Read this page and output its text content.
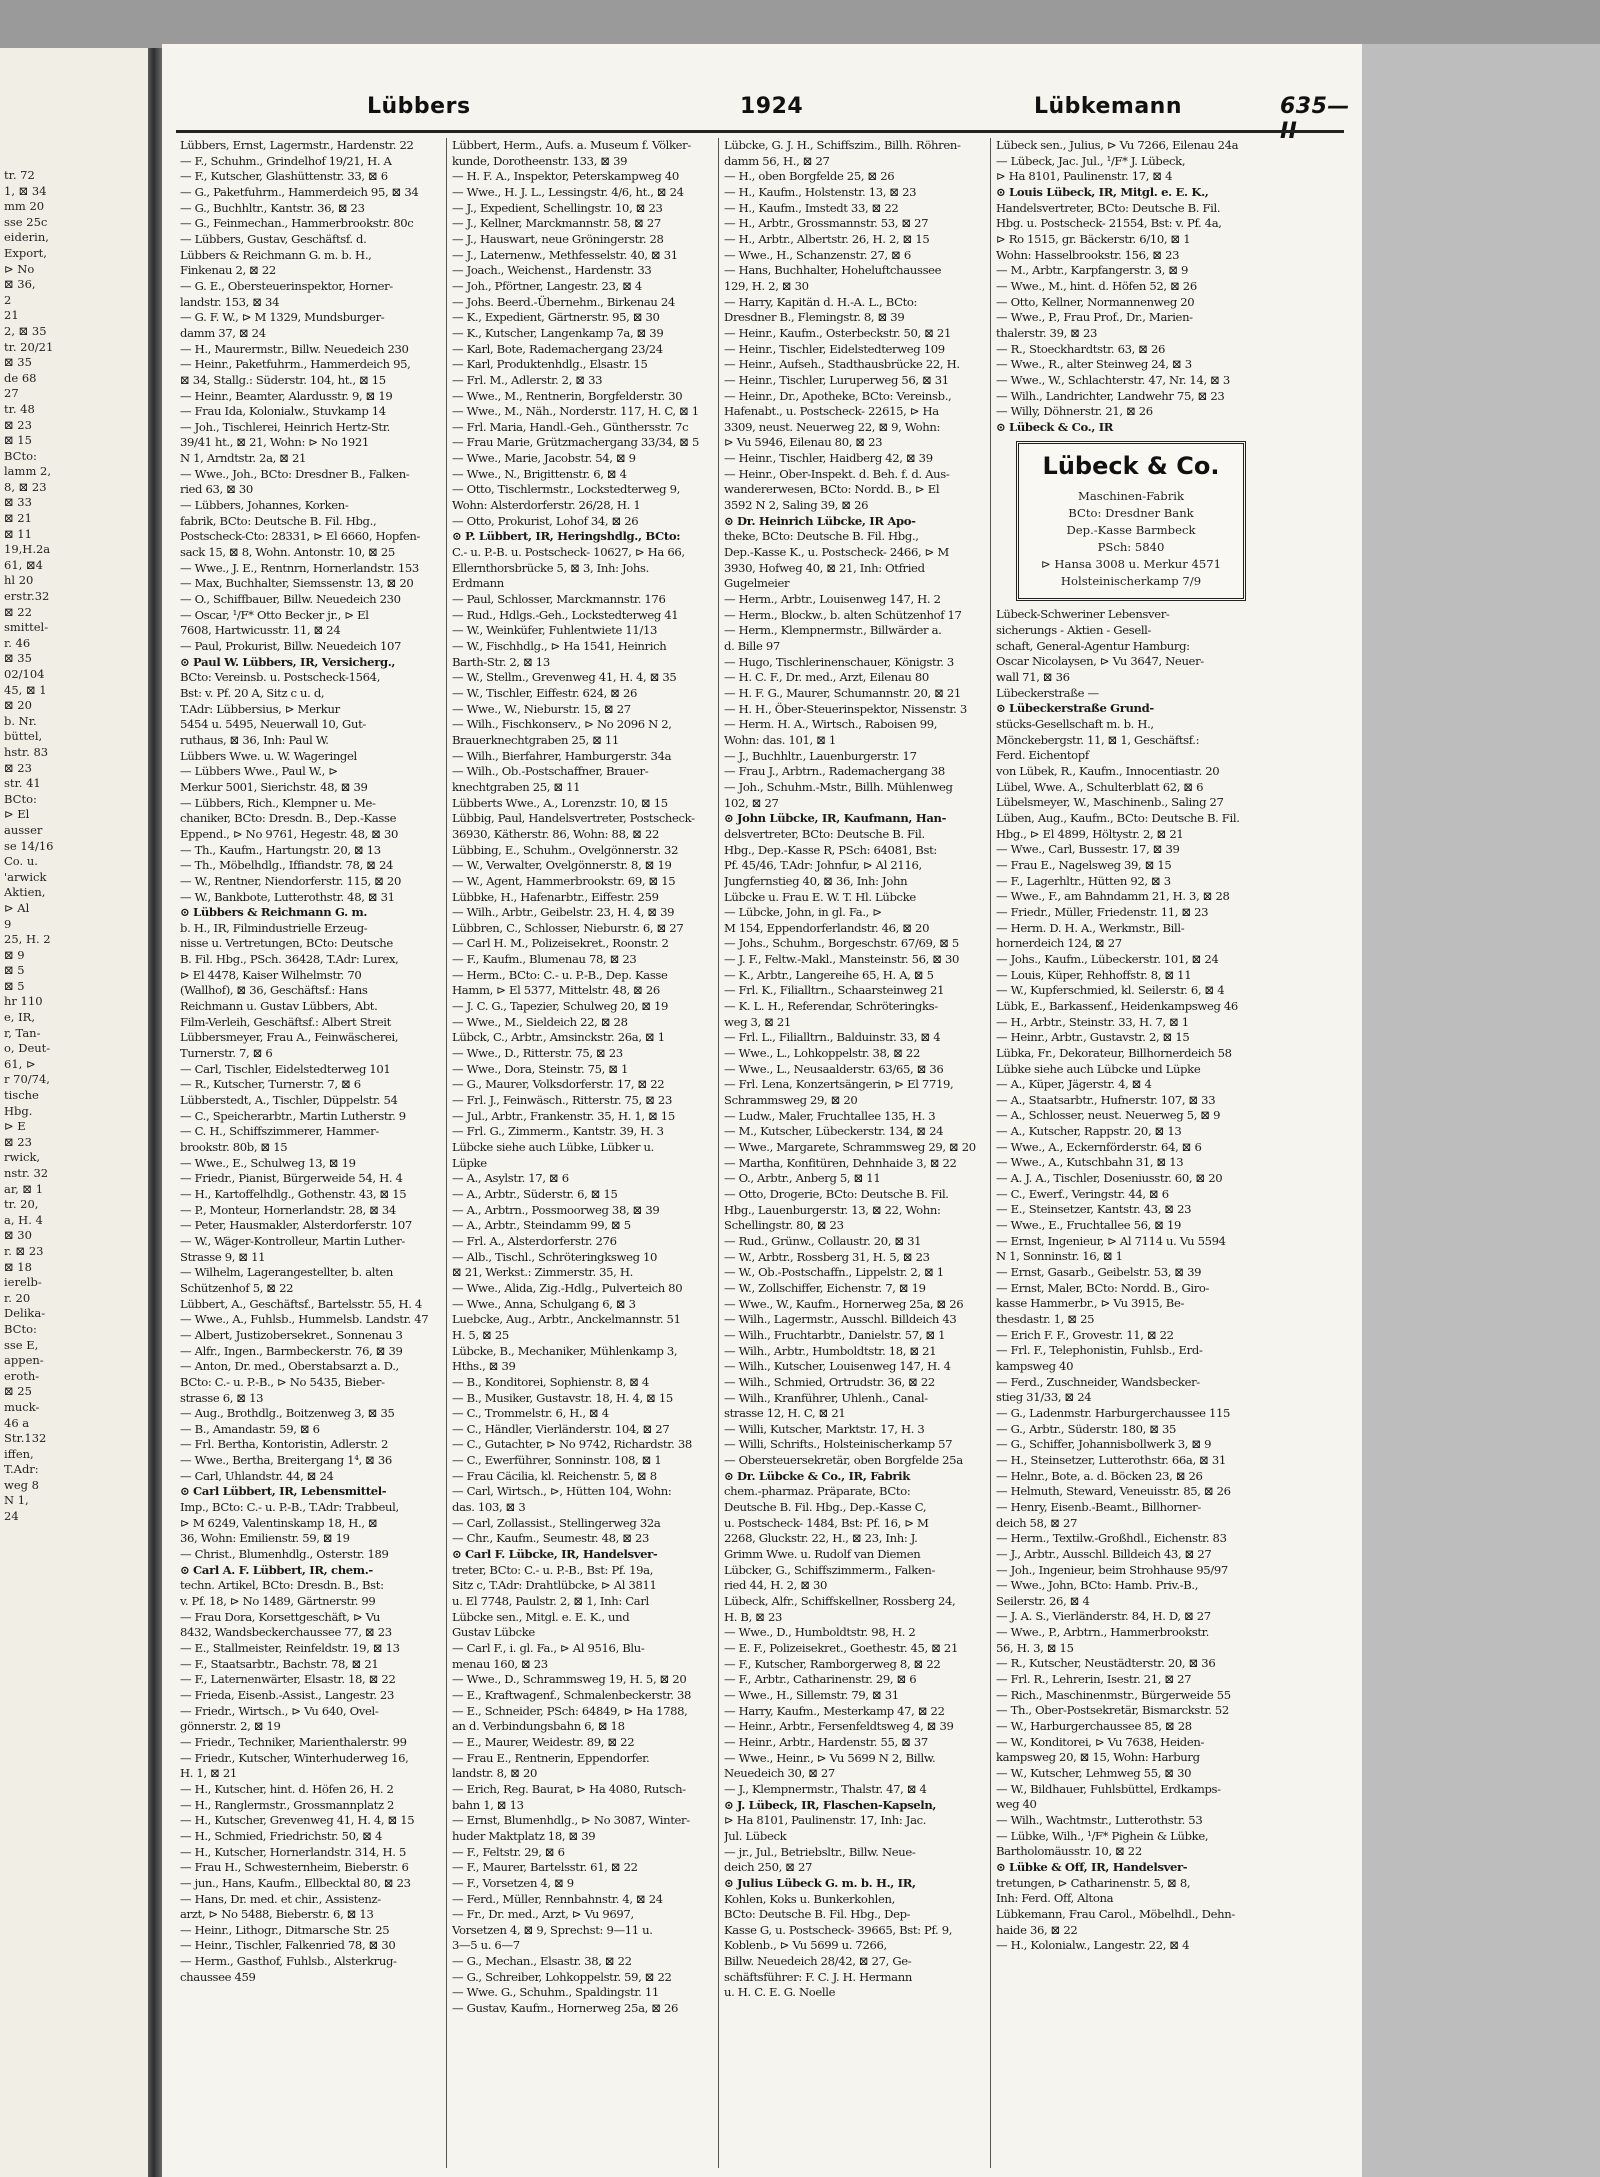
tr. 72
1, ⊠ 34
mm 20
sse 25c
eiderin,
Export,
⊳ No
⊠ 36,
2
21
2, ⊠ 35
tr. 20/21
⊠ 35
de 68
27
tr. 48
⊠ 23
⊠ 15
BCto:
lamm 2,
8, ⊠ 23
⊠ 33
⊠ 21
⊠ 11
19,H.2a
61, ⊠4
hl 20
erstr.32
⊠ 22
smittel-
r. 46
⊠ 35
02/104
45, ⊠ 1
⊠ 20
b. Nr.
büttel,
hstr. 83
⊠ 23
str. 41
BCto:
⊳ El
ausser
se 14/16
Co. u.
'arwick
Aktien,
⊳ Al
9
25, H. 2
⊠ 9
⊠ 5
⊠ 5
hr 110
e, IR,
r, Tan-
o, Deut-
61, ⊳
r 70/74,
tische
Hbg.
⊳ E
⊠ 23
rwick,
nstr. 32
ar, ⊠ 1
tr. 20,
a, H. 4
⊠ 30
r. ⊠ 23
⊠ 18
ierelb-
r. 20
Delika-
BCto:
sse E,
appen-
eroth-
⊠ 25
muck-
46 a
Str.132
iffen,
T.Adr:
weg 8
N 1,
24
Lübbers	1924	Lübkemann	635—II
Lübbers, Ernst, Lagermstr., Hardenstr. 22
— F., Schuhm., Grindelhof 19/21, H. A
— F., Kutscher, Glashüttenstr. 33, ⊠ 6
— G., Paketfuhrm., Hammerdeich 95, ⊠ 34
— G., Buchhltr., Kantstr. 36, ⊠ 23
— G., Feinmechan., Hammerbrookstr. 80c
— Lübbers, Gustav, Geschäftsf. d.
Lübbers & Reichmann G. m. b. H.,
Finkenau 2, ⊠ 22
— G. E., Obersteuerinspektor, Horner-
landstr. 153, ⊠ 34
— G. F. W., ⊳ M 1329, Mundsburger-
damm 37, ⊠ 24
— H., Maurermstr., Billw. Neuedeich 230
— Heinr., Paketfuhrm., Hammerdeich 95,
⊠ 34, Stallg.: Süderstr. 104, ht., ⊠ 15
— Heinr., Beamter, Alardusstr. 9, ⊠ 19
— Frau Ida, Kolonialw., Stuvkamp 14
— Joh., Tischlerei, Heinrich Hertz-Str.
39/41 ht., ⊠ 21, Wohn: ⊳ No 1921
N 1, Arndtstr. 2a, ⊠ 21
— Wwe., Joh., BCto: Dresdner B., Falken-
ried 63, ⊠ 30
— Lübbers, Johannes, Korken-
fabrik, BCto: Deutsche B. Fil. Hbg.,
Postscheck-Cto: 28331, ⊳ El 6660, Hopfen-
sack 15, ⊠ 8, Wohn. Antonstr. 10, ⊠ 25
— Wwe., J. E., Rentnrn, Hornerlandstr. 153
— Max, Buchhalter, Siemssenstr. 13, ⊠ 20
— O., Schiffbauer, Billw. Neuedeich 230
— Oscar, ¹/F* Otto Becker jr., ⊳ El
7608, Hartwicusstr. 11, ⊠ 24
— Paul, Prokurist, Billw. Neuedeich 107
⊙ Paul W. Lübbers, IR, Versicherg.,
BCto: Vereinsb. u. Postscheck-1564,
Bst: v. Pf. 20 A, Sitz c u. d,
T.Adr: Lübbersius, ⊳ Merkur
5454 u. 5495, Neuerwall 10, Gut-
ruthaus, ⊠ 36, Inh: Paul W.
Lübbers Wwe. u. W. Wageringel
— Lübbers Wwe., Paul W., ⊳
Merkur 5001, Sierichstr. 48, ⊠ 39
— Lübbers, Rich., Klempner u. Me-
chaniker, BCto: Dresdn. B., Dep.-Kasse
Eppend., ⊳ No 9761, Hegestr. 48, ⊠ 30
— Th., Kaufm., Hartungstr. 20, ⊠ 13
— Th., Möbelhdlg., Iffiandstr. 78, ⊠ 24
— W., Rentner, Niendorferstr. 115, ⊠ 20
— W., Bankbote, Lutterothstr. 48, ⊠ 31
⊙ Lübbers & Reichmann G. m.
b. H., IR, Filmindustrielle Erzeug-
nisse u. Vertretungen, BCto: Deutsche
B. Fil. Hbg., PSch. 36428, T.Adr: Lurex,
⊳ El 4478, Kaiser Wilhelmstr. 70
(Wallhof), ⊠ 36, Geschäftsf.: Hans
Reichmann u. Gustav Lübbers, Abt.
Film-Verleih, Geschäftsf.: Albert Streit
Lübbersmeyer, Frau A., Feinwäscherei,
Turnerstr. 7, ⊠ 6
— Carl, Tischler, Eidelstedterweg 101
— R., Kutscher, Turnerstr. 7, ⊠ 6
Lübberstedt, A., Tischler, Düppelstr. 54
— C., Speicherarbtr., Martin Lutherstr. 9
— C. H., Schiffszimmerer, Hammer-
brookstr. 80b, ⊠ 15
— Wwe., E., Schulweg 13, ⊠ 19
— Friedr., Pianist, Bürgerweide 54, H. 4
— H., Kartoffelhdlg., Gothenstr. 43, ⊠ 15
— P., Monteur, Hornerlandstr. 28, ⊠ 34
— Peter, Hausmakler, Alsterdorferstr. 107
— W., Wäger-Kontrolleur, Martin Luther-
Strasse 9, ⊠ 11
— Wilhelm, Lagerangestellter, b. alten
Schützenhof 5, ⊠ 22
Lübbert, A., Geschäftsf., Bartelsstr. 55, H. 4
— Wwe., A., Fuhlsb., Hummelsb. Landstr. 47
— Albert, Justizobersekret., Sonnenau 3
— Alfr., Ingen., Barmbeckerstr. 76, ⊠ 39
— Anton, Dr. med., Oberstabsarzt a. D.,
BCto: C.- u. P.-B., ⊳ No 5435, Bieber-
strasse 6, ⊠ 13
— Aug., Brothdlg., Boitzenweg 3, ⊠ 35
— B., Amandastr. 59, ⊠ 6
— Frl. Bertha, Kontoristin, Adlerstr. 2
— Wwe., Bertha, Breitergang 1⁴, ⊠ 36
— Carl, Uhlandstr. 44, ⊠ 24
⊙ Carl Lübbert, IR, Lebensmittel-
Imp., BCto: C.- u. P.-B., T.Adr: Trabbeul,
⊳ M 6249, Valentinskamp 18, H., ⊠
36, Wohn: Emilienstr. 59, ⊠ 19
— Christ., Blumenhdlg., Osterstr. 189
⊙ Carl A. F. Lübbert, IR, chem.-
techn. Artikel, BCto: Dresdn. B., Bst:
v. Pf. 18, ⊳ No 1489, Gärtnerstr. 99
— Frau Dora, Korsettgeschäft, ⊳ Vu
8432, Wandsbeckerchaussee 77, ⊠ 23
— E., Stallmeister, Reinfeldstr. 19, ⊠ 13
— F., Staatsarbtr., Bachstr. 78, ⊠ 21
— F., Laternenwärter, Elsastr. 18, ⊠ 22
— Frieda, Eisenb.-Assist., Langestr. 23
— Friedr., Wirtsch., ⊳ Vu 640, Ovel-
gönnerstr. 2, ⊠ 19
— Friedr., Techniker, Marienthalerstr. 99
— Friedr., Kutscher, Winterhuderweg 16,
H. 1, ⊠ 21
— H., Kutscher, hint. d. Höfen 26, H. 2
— H., Ranglermstr., Grossmannplatz 2
— H., Kutscher, Grevenweg 41, H. 4, ⊠ 15
— H., Schmied, Friedrichstr. 50, ⊠ 4
— H., Kutscher, Hornerlandstr. 314, H. 5
— Frau H., Schwesternheim, Bieberstr. 6
— jun., Hans, Kaufm., Ellbecktal 80, ⊠ 23
— Hans, Dr. med. et chir., Assistenz-
arzt, ⊳ No 5488, Bieberstr. 6, ⊠ 13
— Heinr., Lithogr., Ditmarsche Str. 25
— Heinr., Tischler, Falkenried 78, ⊠ 30
— Herm., Gasthof, Fuhlsb., Alsterkrug-
chaussee 459
Lübbert, Herm., Aufs. a. Museum f. Völker-
kunde, Dorotheenstr. 133, ⊠ 39
— H. F. A., Inspektor, Peterskampweg 40
— Wwe., H. J. L., Lessingstr. 4/6, ht., ⊠ 24
— J., Expedient, Schellingstr. 10, ⊠ 23
— J., Kellner, Marckmannstr. 58, ⊠ 27
— J., Hauswart, neue Gröningerstr. 28
— J., Laternenw., Methfesselstr. 40, ⊠ 31
— Joach., Weichenst., Hardenstr. 33
— Joh., Pförtner, Langestr. 23, ⊠ 4
— Johs. Beerd.-Übernehm., Birkenau 24
— K., Expedient, Gärtnerstr. 95, ⊠ 30
— K., Kutscher, Langenkamp 7a, ⊠ 39
— Karl, Bote, Rademachergang 23/24
— Karl, Produktenhdlg., Elsastr. 15
— Frl. M., Adlerstr. 2, ⊠ 33
— Wwe., M., Rentnerin, Borgfelderstr. 30
— Wwe., M., Näh., Norderstr. 117, H. C, ⊠ 1
— Frl. Maria, Handl.-Geh., Günthersstr. 7c
— Frau Marie, Grützmachergang 33/34, ⊠ 5
— Wwe., Marie, Jacobstr. 54, ⊠ 9
— Wwe., N., Brigittenstr. 6, ⊠ 4
— Otto, Tischlermstr., Lockstedterweg 9,
Wohn: Alsterdorferstr. 26/28, H. 1
— Otto, Prokurist, Lohof 34, ⊠ 26
⊙ P. Lübbert, IR, Heringshdlg., BCto:
C.- u. P.-B. u. Postscheck- 10627, ⊳ Ha 66,
Ellernthorsbrücke 5, ⊠ 3, Inh: Johs.
Erdmann
— Paul, Schlosser, Marckmannstr. 176
— Rud., Hdlgs.-Geh., Lockstedterweg 41
— W., Weinküfer, Fuhlentwiete 11/13
— W., Fischhdlg., ⊳ Ha 1541, Heinrich
Barth-Str. 2, ⊠ 13
— W., Stellm., Grevenweg 41, H. 4, ⊠ 35
— W., Tischler, Eiffestr. 624, ⊠ 26
— Wwe., W., Nieburstr. 15, ⊠ 27
— Wilh., Fischkonserv., ⊳ No 2096 N 2,
Brauerknechtgraben 25, ⊠ 11
— Wilh., Bierfahrer, Hamburgerstr. 34a
— Wilh., Ob.-Postschaffner, Brauer-
knechtgraben 25, ⊠ 11
Lübberts Wwe., A., Lorenzstr. 10, ⊠ 15
Lübbig, Paul, Handelsvertreter, Postscheck-
36930, Kätherstr. 86, Wohn: 88, ⊠ 22
Lübbing, E., Schuhm., Ovelgönnerstr. 32
— W., Verwalter, Ovelgönnerstr. 8, ⊠ 19
— W., Agent, Hammerbrookstr. 69, ⊠ 15
Lübbke, H., Hafenarbtr., Eiffestr. 259
— Wilh., Arbtr., Geibelstr. 23, H. 4, ⊠ 39
Lübbren, C., Schlosser, Nieburstr. 6, ⊠ 27
— Carl H. M., Polizeisekret., Roonstr. 2
— F., Kaufm., Blumenau 78, ⊠ 23
— Herm., BCto: C.- u. P.-B., Dep. Kasse
Hamm, ⊳ El 5377, Mittelstr. 48, ⊠ 26
— J. C. G., Tapezier, Schulweg 20, ⊠ 19
— Wwe., M., Sieldeich 22, ⊠ 28
Lübck, C., Arbtr., Amsinckstr. 26a, ⊠ 1
— Wwe., D., Ritterstr. 75, ⊠ 23
— Wwe., Dora, Steinstr. 75, ⊠ 1
— G., Maurer, Volksdorferstr. 17, ⊠ 22
— Frl. J., Feinwäsch., Ritterstr. 75, ⊠ 23
— Jul., Arbtr., Frankenstr. 35, H. 1, ⊠ 15
— Frl. G., Zimmerm., Kantstr. 39, H. 3
Lübcke siehe auch Lübke, Lübker u.
Lüpke
— A., Asylstr. 17, ⊠ 6
— A., Arbtr., Süderstr. 6, ⊠ 15
— A., Arbtrn., Possmoorweg 38, ⊠ 39
— A., Arbtr., Steindamm 99, ⊠ 5
— Frl. A., Alsterdorferstr. 276
— Alb., Tischl., Schröteringksweg 10
⊠ 21, Werkst.: Zimmerstr. 35, H.
— Wwe., Alida, Zig.-Hdlg., Pulverteich 80
— Wwe., Anna, Schulgang 6, ⊠ 3
Luebcke, Aug., Arbtr., Anckelmannstr. 51
H. 5, ⊠ 25
Lübcke, B., Mechaniker, Mühlenkamp 3,
Hths., ⊠ 39
— B., Konditorei, Sophienstr. 8, ⊠ 4
— B., Musiker, Gustavstr. 18, H. 4, ⊠ 15
— C., Trommelstr. 6, H., ⊠ 4
— C., Händler, Vierländerstr. 104, ⊠ 27
— C., Gutachter, ⊳ No 9742, Richardstr. 38
— C., Ewerführer, Sonninstr. 108, ⊠ 1
— Frau Cäcilia, kl. Reichenstr. 5, ⊠ 8
— Carl, Wirtsch., ⊳, Hütten 104, Wohn:
das. 103, ⊠ 3
— Carl, Zollassist., Stellingerweg 32a
— Chr., Kaufm., Seumestr. 48, ⊠ 23
⊙ Carl F. Lübcke, IR, Handelsver-
treter, BCto: C.- u. P.-B., Bst: Pf. 19a,
Sitz c, T.Adr: Drahtlübcke, ⊳ Al 3811
u. El 7748, Paulstr. 2, ⊠ 1, Inh: Carl
Lübcke sen., Mitgl. e. E. K., und
Gustav Lübcke
— Carl F., i. gl. Fa., ⊳ Al 9516, Blu-
menau 160, ⊠ 23
— Wwe., D., Schrammsweg 19, H. 5, ⊠ 20
— E., Kraftwagenf., Schmalenbeckerstr. 38
— E., Schneider, PSch: 64849, ⊳ Ha 1788,
an d. Verbindungsbahn 6, ⊠ 18
— E., Maurer, Weidestr. 89, ⊠ 22
— Frau E., Rentnerin, Eppendorfer.
landstr. 8, ⊠ 20
— Erich, Reg. Baurat, ⊳ Ha 4080, Rutsch-
bahn 1, ⊠ 13
— Ernst, Blumenhdlg., ⊳ No 3087, Winter-
huder Maktplatz 18, ⊠ 39
— F., Feltstr. 29, ⊠ 6
— F., Maurer, Bartelsstr. 61, ⊠ 22
— F., Vorsetzen 4, ⊠ 9
— Ferd., Müller, Rennbahnstr. 4, ⊠ 24
— Fr., Dr. med., Arzt, ⊳ Vu 9697,
Vorsetzen 4, ⊠ 9, Sprechst: 9—11 u.
3—5 u. 6—7
— G., Mechan., Elsastr. 38, ⊠ 22
— G., Schreiber, Lohkoppelstr. 59, ⊠ 22
— Wwe. G., Schuhm., Spaldingstr. 11
— Gustav, Kaufm., Hornerweg 25a, ⊠ 26
Lübcke, G. J. H., Schiffszim., Billh. Röhren-
damm 56, H., ⊠ 27
— H., oben Borgfelde 25, ⊠ 26
— H., Kaufm., Holstenstr. 13, ⊠ 23
— H., Kaufm., Imstedt 33, ⊠ 22
— H., Arbtr., Grossmannstr. 53, ⊠ 27
— H., Arbtr., Albertstr. 26, H. 2, ⊠ 15
— Wwe., H., Schanzenstr. 27, ⊠ 6
— Hans, Buchhalter, Hoheluftchaussee
129, H. 2, ⊠ 30
— Harry, Kapitän d. H.-A. L., BCto:
Dresdner B., Flemingstr. 8, ⊠ 39
— Heinr., Kaufm., Osterbeckstr. 50, ⊠ 21
— Heinr., Tischler, Eidelstedterweg 109
— Heinr., Aufseh., Stadthausbrücke 22, H.
— Heinr., Tischler, Luruperweg 56, ⊠ 31
— Heinr., Dr., Apotheke, BCto: Vereinsb.,
Hafenabt., u. Postscheck- 22615, ⊳ Ha
3309, neust. Neuerweg 22, ⊠ 9, Wohn:
⊳ Vu 5946, Eilenau 80, ⊠ 23
— Heinr., Tischler, Haidberg 42, ⊠ 39
— Heinr., Ober-Inspekt. d. Beh. f. d. Aus-
wandererwesen, BCto: Nordd. B., ⊳ El
3592 N 2, Saling 39, ⊠ 26
⊙ Dr. Heinrich Lübcke, IR Apo-
theke, BCto: Deutsche B. Fil. Hbg.,
Dep.-Kasse K., u. Postscheck- 2466, ⊳ M
3930, Hofweg 40, ⊠ 21, Inh: Otfried
Gugelmeier
— Herm., Arbtr., Louisenweg 147, H. 2
— Herm., Blockw., b. alten Schützenhof 17
— Herm., Klempnermstr., Billwärder a.
d. Bille 97
— Hugo, Tischlerinenschauer, Königstr. 3
— H. C. F., Dr. med., Arzt, Eilenau 80
— H. F. G., Maurer, Schumannstr. 20, ⊠ 21
— H. H., Öber-Steuerinspektor, Nissenstr. 3
— Herm. H. A., Wirtsch., Raboisen 99,
Wohn: das. 101, ⊠ 1
— J., Buchhltr., Lauenburgerstr. 17
— Frau J., Arbtrn., Rademachergang 38
— Joh., Schuhm.-Mstr., Billh. Mühlenweg
102, ⊠ 27
⊙ John Lübcke, IR, Kaufmann, Han-
delsvertreter, BCto: Deutsche B. Fil.
Hbg., Dep.-Kasse R, PSch: 64081, Bst:
Pf. 45/46, T.Adr: Johnfur, ⊳ Al 2116,
Jungfernstieg 40, ⊠ 36, Inh: John
Lübcke u. Frau E. W. T. Hl. Lübcke
— Lübcke, John, in gl. Fa., ⊳
M 154, Eppendorferlandstr. 46, ⊠ 20
— Johs., Schuhm., Borgeschstr. 67/69, ⊠ 5
— J. F., Feltw.-Makl., Mansteinstr. 56, ⊠ 30
— K., Arbtr., Langereihe 65, H. A, ⊠ 5
— Frl. K., Filialltrn., Schaarsteinweg 21
— K. L. H., Referendar, Schröteringks-
weg 3, ⊠ 21
— Frl. L., Filialltrn., Balduinstr. 33, ⊠ 4
— Wwe., L., Lohkoppelstr. 38, ⊠ 22
— Wwe., L., Neusaalderstr. 63/65, ⊠ 36
— Frl. Lena, Konzertsängerin, ⊳ El 7719,
Schrammsweg 29, ⊠ 20
— Ludw., Maler, Fruchtallee 135, H. 3
— M., Kutscher, Lübeckerstr. 134, ⊠ 24
— Wwe., Margarete, Schrammsweg 29, ⊠ 20
— Martha, Konfitüren, Dehnhaide 3, ⊠ 22
— O., Arbtr., Anberg 5, ⊠ 11
— Otto, Drogerie, BCto: Deutsche B. Fil.
Hbg., Lauenburgerstr. 13, ⊠ 22, Wohn:
Schellingstr. 80, ⊠ 23
— Rud., Grünw., Collaustr. 20, ⊠ 31
— W., Arbtr., Rossberg 31, H. 5, ⊠ 23
— W., Ob.-Postschaffn., Lippelstr. 2, ⊠ 1
— W., Zollschiffer, Eichenstr. 7, ⊠ 19
— Wwe., W., Kaufm., Hornerweg 25a, ⊠ 26
— Wilh., Lagermstr., Ausschl. Billdeich 43
— Wilh., Fruchtarbtr., Danielstr. 57, ⊠ 1
— Wilh., Arbtr., Humboldtstr. 18, ⊠ 21
— Wilh., Kutscher, Louisenweg 147, H. 4
— Wilh., Schmied, Ortrudstr. 36, ⊠ 22
— Wilh., Kranführer, Uhlenh., Canal-
strasse 12, H. C, ⊠ 21
— Willi, Kutscher, Marktstr. 17, H. 3
— Willi, Schrifts., Holsteinischerkamp 57
— Obersteuersekretär, oben Borgfelde 25a
⊙ Dr. Lübcke & Co., IR, Fabrik
chem.-pharmaz. Präparate, BCto:
Deutsche B. Fil. Hbg., Dep.-Kasse C,
u. Postscheck- 1484, Bst: Pf. 16, ⊳ M
2268, Gluckstr. 22, H., ⊠ 23, Inh: J.
Grimm Wwe. u. Rudolf van Diemen
Lübcker, G., Schiffszimmerm., Falken-
ried 44, H. 2, ⊠ 30
Lübeck, Alfr., Schiffskellner, Rossberg 24,
H. B, ⊠ 23
— Wwe., D., Humboldtstr. 98, H. 2
— E. F., Polizeisekret., Goethestr. 45, ⊠ 21
— F., Kutscher, Ramborgerweg 8, ⊠ 22
— F., Arbtr., Catharinenstr. 29, ⊠ 6
— Wwe., H., Sillemstr. 79, ⊠ 31
— Harry, Kaufm., Mesterkamp 47, ⊠ 22
— Heinr., Arbtr., Fersenfeldtsweg 4, ⊠ 39
— Heinr., Arbtr., Hardenstr. 55, ⊠ 37
— Wwe., Heinr., ⊳ Vu 5699 N 2, Billw.
Neuedeich 30, ⊠ 27
— J., Klempnermstr., Thalstr. 47, ⊠ 4
⊙ J. Lübeck, IR, Flaschen-Kapseln,
⊳ Ha 8101, Paulinenstr. 17, Inh: Jac.
Jul. Lübeck
— jr., Jul., Betriebsltr., Billw. Neue-
deich 250, ⊠ 27
⊙ Julius Lübeck G. m. b. H., IR,
Kohlen, Koks u. Bunkerkohlen,
BCto: Deutsche B. Fil. Hbg., Dep-
Kasse G, u. Postscheck- 39665, Bst: Pf. 9,
Koblenb., ⊳ Vu 5699 u. 7266,
Billw. Neuedeich 28/42, ⊠ 27, Ge-
schäftsführer: F. C. J. H. Hermann
u. H. C. E. G. Noelle
Lübeck sen., Julius, ⊳ Vu 7266, Eilenau 24a
— Lübeck, Jac. Jul., ¹/F* J. Lübeck,
⊳ Ha 8101, Paulinenstr. 17, ⊠ 4
⊙ Louis Lübeck, IR, Mitgl. e. E. K.,
Handelsvertreter, BCto: Deutsche B. Fil.
Hbg. u. Postscheck- 21554, Bst: v. Pf. 4a,
⊳ Ro 1515, gr. Bäckerstr. 6/10, ⊠ 1
Wohn: Hasselbrookstr. 156, ⊠ 23
— M., Arbtr., Karpfangerstr. 3, ⊠ 9
— Wwe., M., hint. d. Höfen 52, ⊠ 26
— Otto, Kellner, Normannenweg 20
— Wwe., P., Frau Prof., Dr., Marien-
thalerstr. 39, ⊠ 23
— R., Stoeckhardtstr. 63, ⊠ 26
— Wwe., R., alter Steinweg 24, ⊠ 3
— Wwe., W., Schlachterstr. 47, Nr. 14, ⊠ 3
— Wilh., Landrichter, Landwehr 75, ⊠ 23
— Willy, Döhnerstr. 21, ⊠ 26
⊙ Lübeck & Co., IR
Lübeck & Co.
Maschinen-Fabrik
BCto: Dresdner Bank
Dep.-Kasse Barmbeck
PSch: 5840
⊳ Hansa 3008 u. Merkur 4571
Holsteinischerkamp 7/9
Lübeck-Schweriner Lebensver-
sicherungs - Aktien - Gesell-
schaft, General-Agentur Hamburg:
Oscar Nicolaysen, ⊳ Vu 3647, Neuer-
wall 71, ⊠ 36
Lübeckerstraße —
⊙ Lübeckerstraße Grund-
stücks-Gesellschaft m. b. H.,
Mönckebergstr. 11, ⊠ 1, Geschäftsf.:
Ferd. Eichentopf
von Lübek, R., Kaufm., Innocentiastr. 20
Lübel, Wwe. A., Schulterblatt 62, ⊠ 6
Lübelsmeyer, W., Maschinenb., Saling 27
Lüben, Aug., Kaufm., BCto: Deutsche B. Fil.
Hbg., ⊳ El 4899, Höltystr. 2, ⊠ 21
— Wwe., Carl, Bussestr. 17, ⊠ 39
— Frau E., Nagelsweg 39, ⊠ 15
— F., Lagerhltr., Hütten 92, ⊠ 3
— Wwe., F., am Bahndamm 21, H. 3, ⊠ 28
— Friedr., Müller, Friedenstr. 11, ⊠ 23
— Herm. D. H. A., Werkmstr., Bill-
hornerdeich 124, ⊠ 27
— Johs., Kaufm., Lübeckerstr. 101, ⊠ 24
— Louis, Küper, Rehhoffstr. 8, ⊠ 11
— W., Kupferschmied, kl. Seilerstr. 6, ⊠ 4
Lübk, E., Barkassenf., Heidenkampsweg 46
— H., Arbtr., Steinstr. 33, H. 7, ⊠ 1
— Heinr., Arbtr., Gustavstr. 2, ⊠ 15
Lübka, Fr., Dekorateur, Billhornerdeich 58
Lübke siehe auch Lübcke und Lüpke
— A., Küper, Jägerstr. 4, ⊠ 4
— A., Staatsarbtr., Hufnerstr. 107, ⊠ 33
— A., Schlosser, neust. Neuerweg 5, ⊠ 9
— A., Kutscher, Rappstr. 20, ⊠ 13
— Wwe., A., Eckernförderstr. 64, ⊠ 6
— Wwe., A., Kutschbahn 31, ⊠ 13
— A. J. A., Tischler, Doseniusstr. 60, ⊠ 20
— C., Ewerf., Veringstr. 44, ⊠ 6
— E., Steinsetzer, Kantstr. 43, ⊠ 23
— Wwe., E., Fruchtallee 56, ⊠ 19
— Ernst, Ingenieur, ⊳ Al 7114 u. Vu 5594
N 1, Sonninstr. 16, ⊠ 1
— Ernst, Gasarb., Geibelstr. 53, ⊠ 39
— Ernst, Maler, BCto: Nordd. B., Giro-
kasse Hammerbr., ⊳ Vu 3915, Be-
thesdastr. 1, ⊠ 25
— Erich F. F., Grovestr. 11, ⊠ 22
— Frl. F., Telephonistin, Fuhlsb., Erd-
kampsweg 40
— Ferd., Zuschneider, Wandsbecker-
stieg 31/33, ⊠ 24
— G., Ladenmstr. Harburgerchaussee 115
— G., Arbtr., Süderstr. 180, ⊠ 35
— G., Schiffer, Johannisbollwerk 3, ⊠ 9
— H., Steinsetzer, Lutterothstr. 66a, ⊠ 31
— Helnr., Bote, a. d. Böcken 23, ⊠ 26
— Helmuth, Steward, Veneuisstr. 85, ⊠ 26
— Henry, Eisenb.-Beamt., Billhorner-
deich 58, ⊠ 27
— Herm., Textilw.-Großhdl., Eichenstr. 83
— J., Arbtr., Ausschl. Billdeich 43, ⊠ 27
— Joh., Ingenieur, beim Strohhause 95/97
— Wwe., John, BCto: Hamb. Priv.-B.,
Seilerstr. 26, ⊠ 4
— J. A. S., Vierländerstr. 84, H. D, ⊠ 27
— Wwe., P., Arbtrn., Hammerbrookstr.
56, H. 3, ⊠ 15
— R., Kutscher, Neustädterstr. 20, ⊠ 36
— Frl. R., Lehrerin, Isestr. 21, ⊠ 27
— Rich., Maschinenmstr., Bürgerweide 55
— Th., Ober-Postsekretär, Bismarckstr. 52
— W., Harburgerchaussee 85, ⊠ 28
— W., Konditorei, ⊳ Vu 7638, Heiden-
kampsweg 20, ⊠ 15, Wohn: Harburg
— W., Kutscher, Lehmweg 55, ⊠ 30
— W., Bildhauer, Fuhlsbüttel, Erdkamps-
weg 40
— Wilh., Wachtmstr., Lutterothstr. 53
— Lübke, Wilh., ¹/F* Pighein & Lübke,
Bartholomäusstr. 10, ⊠ 22
⊙ Lübke & Off, IR, Handelsver-
tretungen, ⊳ Catharinenstr. 5, ⊠ 8,
Inh: Ferd. Off, Altona
Lübkemann, Frau Carol., Möbelhdl., Dehn-
haide 36, ⊠ 22
— H., Kolonialw., Langestr. 22, ⊠ 4
